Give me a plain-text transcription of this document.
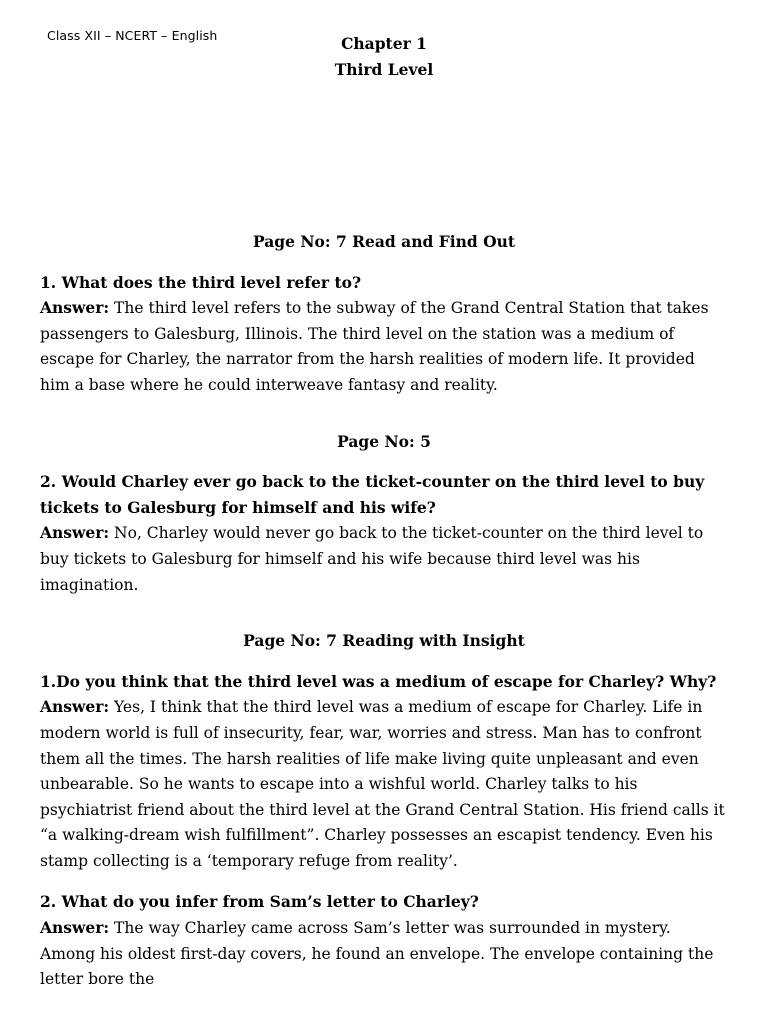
Class XII – NCERT – English	Chapter 1
Third Level

Page No: 7 Read and Find Out

1. What does the third level refer to?

Answer: The third level refers to the subway of the Grand Central Station that takes passengers to Galesburg, Illinois. The third level on the station was a medium of escape for Charley, the narrator from the harsh realities of modern life. It provided him a base where he could interweave fantasy and reality.

Page No: 5

2. Would Charley ever go back to the ticket-counter on the third level to buy tickets to Galesburg for himself and his wife?

Answer: No, Charley would never go back to the ticket-counter on the third level to buy tickets to Galesburg for himself and his wife because third level was his imagination.

Page No: 7 Reading with Insight

1.Do you think that the third level was a medium of escape for Charley? Why?

Answer: Yes, I think that the third level was a medium of escape for Charley. Life in modern world is full of insecurity, fear, war, worries and stress. Man has to confront them all the times. The harsh realities of life make living quite unpleasant and even unbearable. So he wants to escape into a wishful world. Charley talks to his psychiatrist friend about the third level at the Grand Central Station. His friend calls it “a walking-dream wish fulfillment”. Charley possesses an escapist tendency. Even his stamp collecting is a ‘temporary refuge from reality’.

2. What do you infer from Sam’s letter to Charley?

Answer: The way Charley came across Sam’s letter was surrounded in mystery. Among his oldest first-day covers, he found an envelope. The envelope containing the letter bore the
